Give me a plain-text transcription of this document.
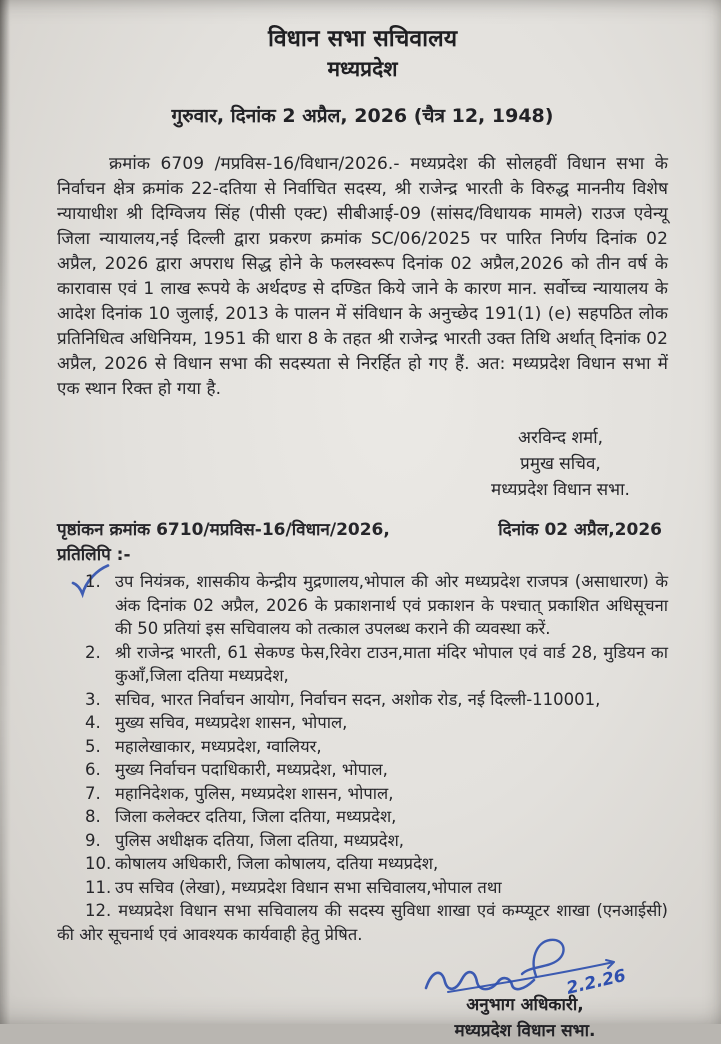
विधान सभा सचिवालय
मध्यप्रदेश
गुरुवार, दिनांक 2 अप्रैल, 2026 (चैत्र 12, 1948)

क्रमांक 6709 /मप्रविस-16/विधान/2026.- मध्यप्रदेश की सोलहवीं विधान सभा के निर्वाचन क्षेत्र क्रमांक 22-दतिया से निर्वाचित सदस्य, श्री राजेन्द्र भारती के विरुद्ध माननीय विशेष न्यायाधीश श्री दिग्विजय सिंह (पीसी एक्ट) सीबीआई-09 (सांसद/विधायक मामले) राउज एवेन्यू जिला न्यायालय,नई दिल्ली द्वारा प्रकरण क्रमांक SC/06/2025 पर पारित निर्णय दिनांक 02 अप्रैल, 2026 द्वारा अपराध सिद्ध होने के फलस्वरूप दिनांक 02 अप्रैल,2026 को तीन वर्ष के कारावास एवं 1 लाख रूपये के अर्थदण्ड से दण्डित किये जाने के कारण मान. सर्वोच्च न्यायालय के आदेश दिनांक 10 जुलाई, 2013 के पालन में संविधान के अनुच्छेद 191(1) (e) सहपठित लोक प्रतिनिधित्व अधिनियम, 1951 की धारा 8 के तहत श्री राजेन्द्र भारती उक्त तिथि अर्थात् दिनांक 02 अप्रैल, 2026 से विधान सभा की सदस्यता से निरर्हित हो गए हैं. अत: मध्यप्रदेश विधान सभा में एक स्थान रिक्त हो गया है.

अरविन्द शर्मा,
प्रमुख सचिव,
मध्यप्रदेश विधान सभा.
पृष्ठांकन क्रमांक 6710/मप्रविस-16/विधान/2026,	दिनांक 02 अप्रैल,2026
प्रतिलिपि :-
1. उप नियंत्रक, शासकीय केन्द्रीय मुद्रणालय,भोपाल की ओर मध्यप्रदेश राजपत्र (असाधारण) के अंक दिनांक 02 अप्रैल, 2026 के प्रकाशनार्थ एवं प्रकाशन के पश्चात् प्रकाशित अधिसूचना की 50 प्रतियां इस सचिवालय को तत्काल उपलब्ध कराने की व्यवस्था करें.
2. श्री राजेन्द्र भारती, 61 सेकण्ड फेस,रिवेरा टाउन,माता मंदिर भोपाल एवं वार्ड 28, मुडियन का कुआँ,जिला दतिया मध्यप्रदेश,
3. सचिव, भारत निर्वाचन आयोग, निर्वाचन सदन, अशोक रोड, नई दिल्ली-110001,
4. मुख्य सचिव, मध्यप्रदेश शासन, भोपाल,
5. महालेखाकार, मध्यप्रदेश, ग्वालियर,
6. मुख्य निर्वाचन पदाधिकारी, मध्यप्रदेश, भोपाल,
7. महानिदेशक, पुलिस, मध्यप्रदेश शासन, भोपाल,
8. जिला कलेक्टर दतिया, जिला दतिया, मध्यप्रदेश,
9. पुलिस अधीक्षक दतिया, जिला दतिया, मध्यप्रदेश,
10. कोषालय अधिकारी, जिला कोषालय, दतिया मध्यप्रदेश,
11. उप सचिव (लेखा), मध्यप्रदेश विधान सभा सचिवालय,भोपाल तथा
12. मध्यप्रदेश विधान सभा सचिवालय की सदस्य सुविधा शाखा एवं कम्प्यूटर शाखा (एनआईसी) की ओर सूचनार्थ एवं आवश्यक कार्यवाही हेतु प्रेषित.
2.2.26
अनुभाग अधिकारी,
मध्यप्रदेश विधान सभा.
